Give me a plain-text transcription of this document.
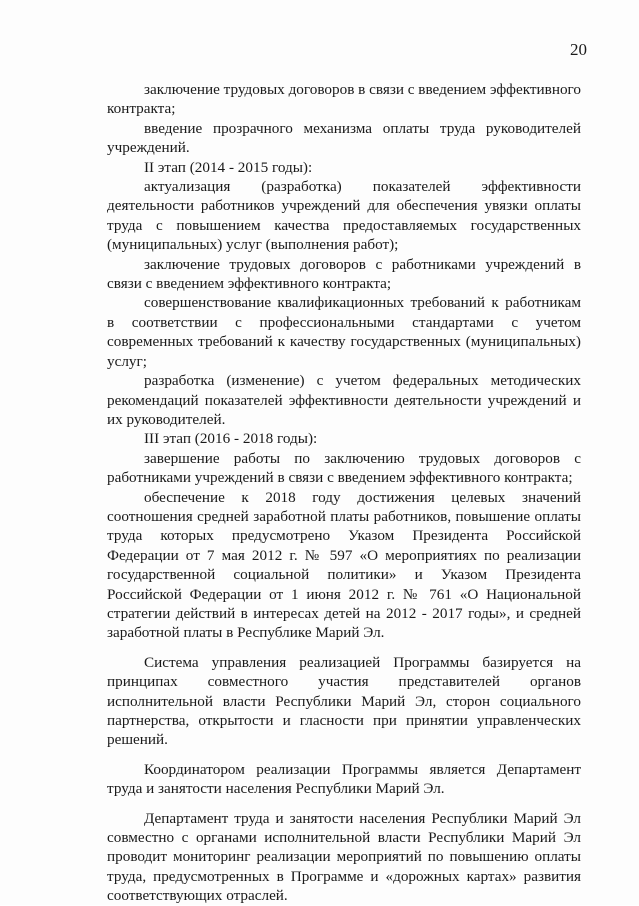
20

заключение трудовых договоров в связи с введением эффективного контракта;

введение прозрачного механизма оплаты труда руководителей учреждений.

II этап (2014 - 2015 годы):

актуализация (разработка) показателей эффективности деятельности работников учреждений для обеспечения увязки оплаты труда с повышением качества предоставляемых государственных (муниципальных) услуг (выполнения работ);

заключение трудовых договоров с работниками учреждений в связи с введением эффективного контракта;

совершенствование квалификационных требований к работникам в соответствии с профессиональными стандартами с учетом современных требований к качеству государственных (муниципальных) услуг;

разработка (изменение) с учетом федеральных методических рекомендаций показателей эффективности деятельности учреждений и их руководителей.

III этап (2016 - 2018 годы):

завершение работы по заключению трудовых договоров с работниками учреждений в связи с введением эффективного контракта;

обеспечение к 2018 году достижения целевых значений соотношения средней заработной платы работников, повышение оплаты труда которых предусмотрено Указом Президента Российской Федерации от 7 мая 2012 г. № 597 «О мероприятиях по реализации государственной социальной политики» и Указом Президента Российской Федерации от 1 июня 2012 г. № 761 «О Национальной стратегии действий в интересах детей на 2012 - 2017 годы», и средней заработной платы в Республике Марий Эл.

Система управления реализацией Программы базируется на принципах совместного участия представителей органов исполнительной власти Республики Марий Эл, сторон социального партнерства, открытости и гласности при принятии управленческих решений.

Координатором реализации Программы является Департамент труда и занятости населения Республики Марий Эл.

Департамент труда и занятости населения Республики Марий Эл совместно с органами исполнительной власти Республики Марий Эл проводит мониторинг реализации мероприятий по повышению оплаты труда, предусмотренных в Программе и «дорожных картах» развития соответствующих отраслей.
